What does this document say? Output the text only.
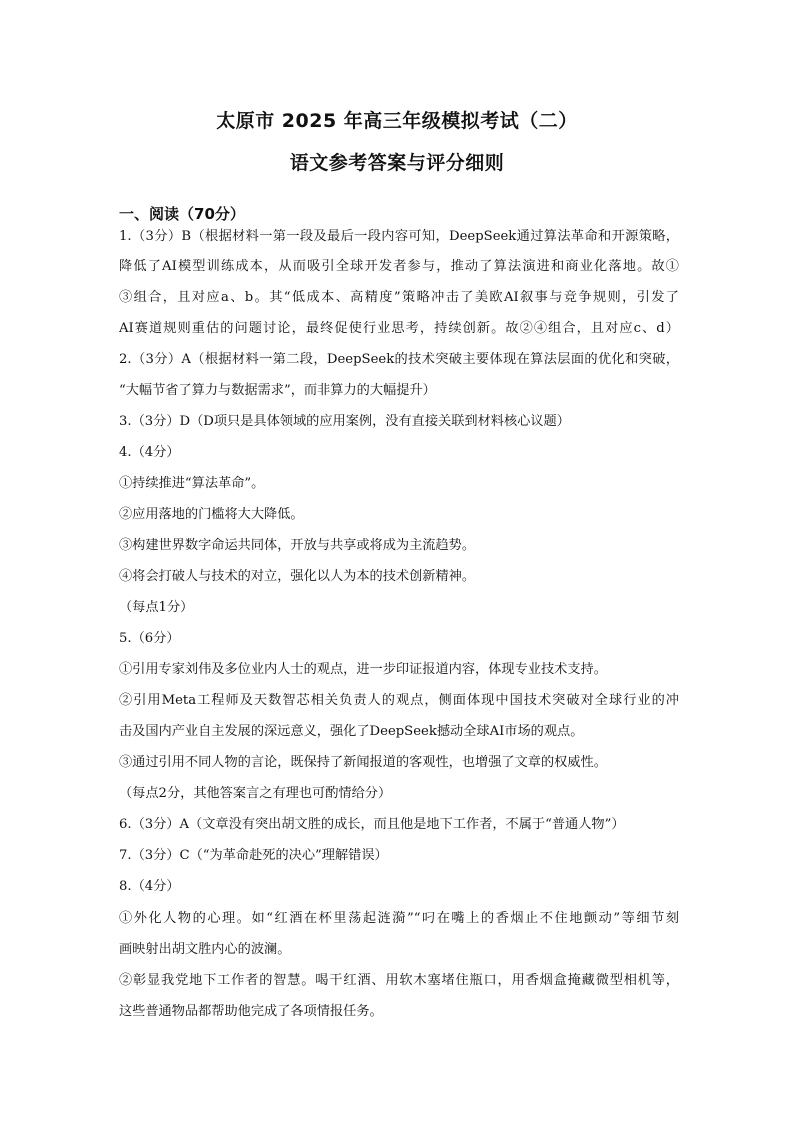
太原市 2025 年高三年级模拟考试（二）
语文参考答案与评分细则
一、阅读（70分）
1.（3分）B（根据材料一第一段及最后一段内容可知，DeepSeek通过算法革命和开源策略，
降低了AI模型训练成本，从而吸引全球开发者参与，推动了算法演进和商业化落地。故①
③组合，且对应a、b。其“低成本、高精度”策略冲击了美欧AI叙事与竞争规则，引发了
AI赛道规则重估的问题讨论，最终促使行业思考，持续创新。故②④组合，且对应c、d）
2.（3分）A（根据材料一第二段，DeepSeek的技术突破主要体现在算法层面的优化和突破，
“大幅节省了算力与数据需求”，而非算力的大幅提升）
3.（3分）D（D项只是具体领域的应用案例，没有直接关联到材料核心议题）
4.（4分）
①持续推进“算法革命”。
②应用落地的门槛将大大降低。
③构建世界数字命运共同体，开放与共享或将成为主流趋势。
④将会打破人与技术的对立，强化以人为本的技术创新精神。
（每点1分）
5.（6分）
①引用专家刘伟及多位业内人士的观点，进一步印证报道内容，体现专业技术支持。
②引用Meta工程师及天数智芯相关负责人的观点，侧面体现中国技术突破对全球行业的冲
击及国内产业自主发展的深远意义，强化了DeepSeek撼动全球AI市场的观点。
③通过引用不同人物的言论，既保持了新闻报道的客观性，也增强了文章的权威性。
（每点2分，其他答案言之有理也可酌情给分）
6.（3分）A（文章没有突出胡文胜的成长，而且他是地下工作者，不属于“普通人物”）
7.（3分）C（“为革命赴死的决心”理解错误）
8.（4分）
①外化人物的心理。如“红酒在杯里荡起涟漪”“叼在嘴上的香烟止不住地颤动”等细节刻
画映射出胡文胜内心的波澜。
②彰显我党地下工作者的智慧。喝干红酒、用软木塞堵住瓶口，用香烟盒掩藏微型相机等，
这些普通物品都帮助他完成了各项情报任务。
